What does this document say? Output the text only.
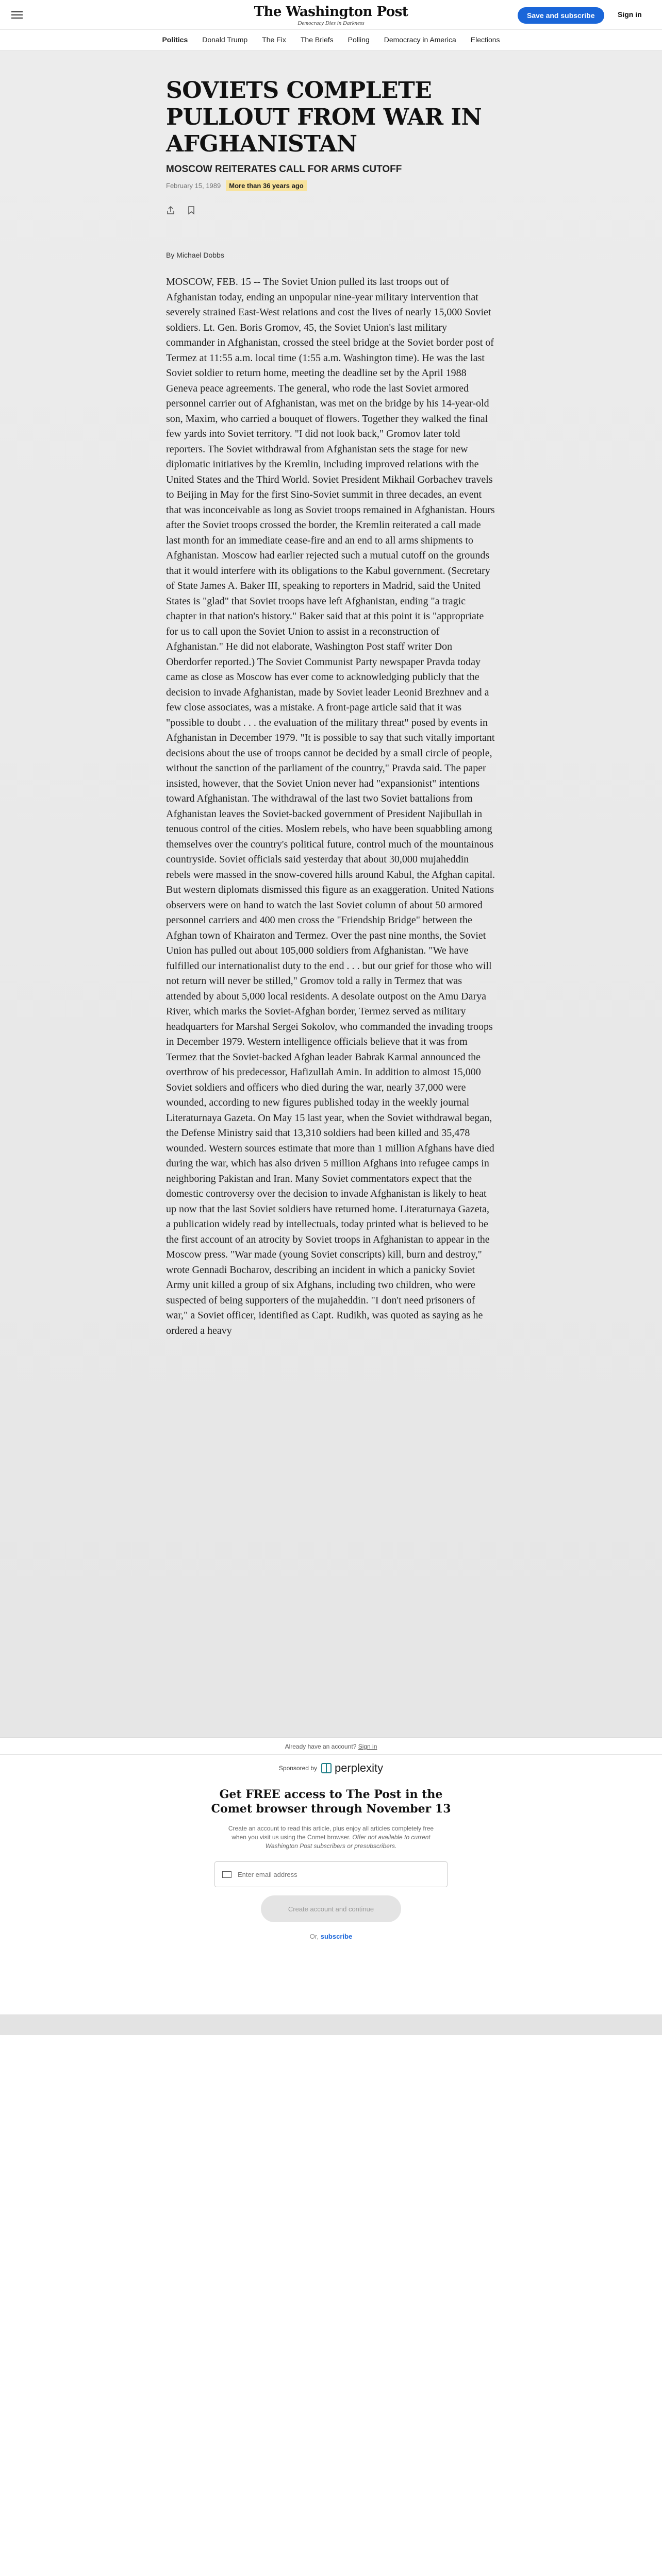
The Washington Post
Democracy Dies in Darkness
Save and subscribe	Sign in
Politics Donald Trump The Fix The Briefs Polling Democracy in America Elections
SOVIETS COMPLETE PULLOUT FROM WAR IN AFGHANISTAN
MOSCOW REITERATES CALL FOR ARMS CUTOFF
February 15, 1989	More than 36 years ago
By Michael Dobbs
MOSCOW, FEB. 15 -- The Soviet Union pulled its last troops out of Afghanistan today, ending an unpopular nine-year military intervention that severely strained East-West relations and cost the lives of nearly 15,000 Soviet soldiers. Lt. Gen. Boris Gromov, 45, the Soviet Union's last military commander in Afghanistan, crossed the steel bridge at the Soviet border post of Termez at 11:55 a.m. local time (1:55 a.m. Washington time). He was the last Soviet soldier to return home, meeting the deadline set by the April 1988 Geneva peace agreements. The general, who rode the last Soviet armored personnel carrier out of Afghanistan, was met on the bridge by his 14-year-old son, Maxim, who carried a bouquet of flowers. Together they walked the final few yards into Soviet territory. "I did not look back," Gromov later told reporters. The Soviet withdrawal from Afghanistan sets the stage for new diplomatic initiatives by the Kremlin, including improved relations with the United States and the Third World. Soviet President Mikhail Gorbachev travels to Beijing in May for the first Sino-Soviet summit in three decades, an event that was inconceivable as long as Soviet troops remained in Afghanistan. Hours after the Soviet troops crossed the border, the Kremlin reiterated a call made last month for an immediate cease-fire and an end to all arms shipments to Afghanistan. Moscow had earlier rejected such a mutual cutoff on the grounds that it would interfere with its obligations to the Kabul government. (Secretary of State James A. Baker III, speaking to reporters in Madrid, said the United States is "glad" that Soviet troops have left Afghanistan, ending "a tragic chapter in that nation's history." Baker said that at this point it is "appropriate for us to call upon the Soviet Union to assist in a reconstruction of Afghanistan." He did not elaborate, Washington Post staff writer Don Oberdorfer reported.) The Soviet Communist Party newspaper Pravda today came as close as Moscow has ever come to acknowledging publicly that the decision to invade Afghanistan, made by Soviet leader Leonid Brezhnev and a few close associates, was a mistake. A front-page article said that it was "possible to doubt . . . the evaluation of the military threat" posed by events in Afghanistan in December 1979. "It is possible to say that such vitally important decisions about the use of troops cannot be decided by a small circle of people, without the sanction of the parliament of the country," Pravda said. The paper insisted, however, that the Soviet Union never had "expansionist" intentions toward Afghanistan. The withdrawal of the last two Soviet battalions from Afghanistan leaves the Soviet-backed government of President Najibullah in tenuous control of the cities. Moslem rebels, who have been squabbling among themselves over the country's political future, control much of the mountainous countryside. Soviet officials said yesterday that about 30,000 mujaheddin rebels were massed in the snow-covered hills around Kabul, the Afghan capital. But western diplomats dismissed this figure as an exaggeration. United Nations observers were on hand to watch the last Soviet column of about 50 armored personnel carriers and 400 men cross the "Friendship Bridge" between the Afghan town of Khairaton and Termez. Over the past nine months, the Soviet Union has pulled out about 105,000 soldiers from Afghanistan. "We have fulfilled our internationalist duty to the end . . . but our grief for those who will not return will never be stilled," Gromov told a rally in Termez that was attended by about 5,000 local residents. A desolate outpost on the Amu Darya River, which marks the Soviet-Afghan border, Termez served as military headquarters for Marshal Sergei Sokolov, who commanded the invading troops in December 1979. Western intelligence officials believe that it was from Termez that the Soviet-backed Afghan leader Babrak Karmal announced the overthrow of his predecessor, Hafizullah Amin. In addition to almost 15,000 Soviet soldiers and officers who died during the war, nearly 37,000 were wounded, according to new figures published today in the weekly journal Literaturnaya Gazeta. On May 15 last year, when the Soviet withdrawal began, the Defense Ministry said that 13,310 soldiers had been killed and 35,478 wounded. Western sources estimate that more than 1 million Afghans have died during the war, which has also driven 5 million Afghans into refugee camps in neighboring Pakistan and Iran. Many Soviet commentators expect that the domestic controversy over the decision to invade Afghanistan is likely to heat up now that the last Soviet soldiers have returned home. Literaturnaya Gazeta, a publication widely read by intellectuals, today printed what is believed to be the first account of an atrocity by Soviet troops in Afghanistan to appear in the Moscow press. "War made (young Soviet conscripts) kill, burn and destroy," wrote Gennadi Bocharov, describing an incident in which a panicky Soviet Army unit killed a group of six Afghans, including two children, who were suspected of being supporters of the mujaheddin. "I don't need prisoners of war," a Soviet officer, identified as Capt. Rudikh, was quoted as saying as he ordered a heavy
Already have an account? Sign in
Sponsored by perplexity
Get FREE access to The Post in the Comet browser through November 13
Create an account to read this article, plus enjoy all articles completely free when you visit us using the Comet browser. Offer not available to current Washington Post subscribers or presubscribers.
Enter email address
Create account and continue
Or, subscribe
